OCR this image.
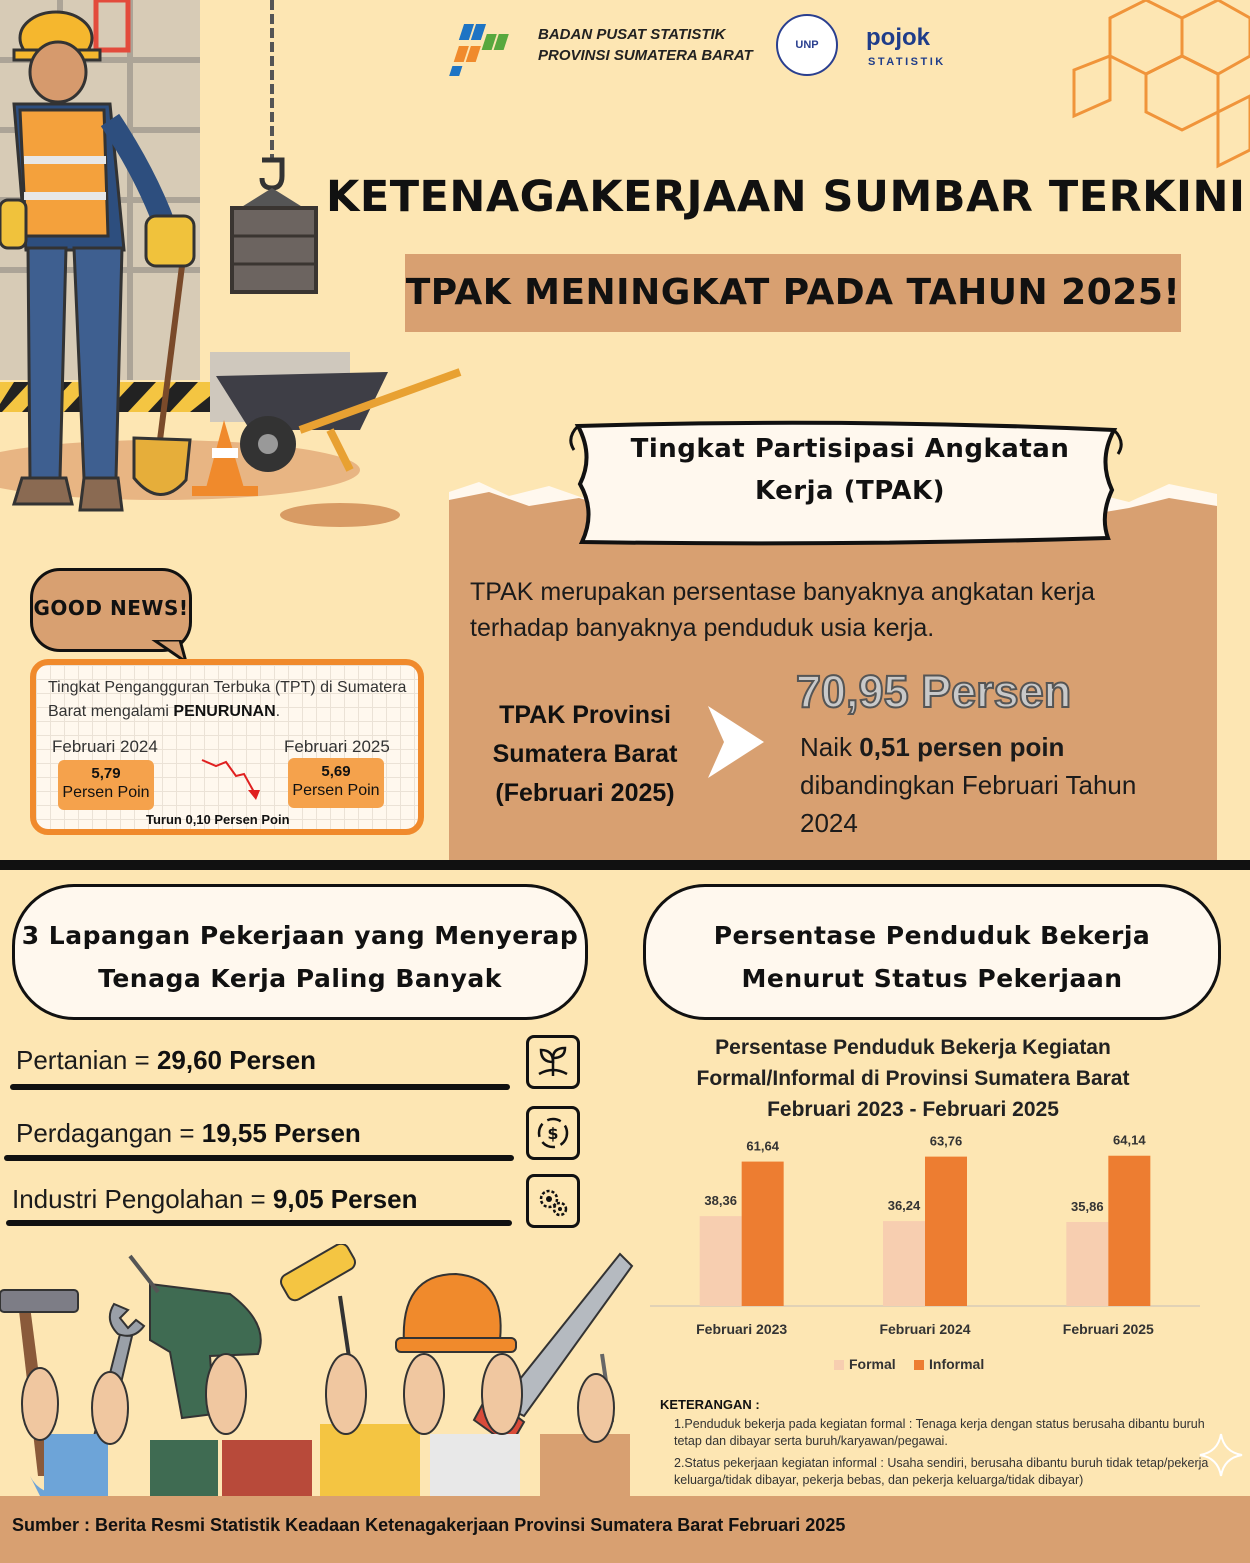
BADAN PUSAT STATISTIK
PROVINSI SUMATERA BARAT
UNP pojok
STATISTIK
KETENAGAKERJAAN SUMBAR TERKINI
TPAK MENINGKAT PADA TAHUN 2025!
Tingkat Partisipasi Angkatan
Kerja (TPAK)

TPAK merupakan persentase banyaknya angkatan kerja terhadap banyaknya penduduk usia kerja.

TPAK Provinsi
Sumatera Barat
(Februari 2025)
70,95 Persen
Naik 0,51 persen poin
dibandingkan Februari Tahun 2024
GOOD NEWS!

Tingkat Pengangguran Terbuka (TPT) di Sumatera Barat mengalami PENURUNAN.

Februari 2024	Februari 2025
5,79
Persen Poin
5,69
Persen Poin
Turun 0,10 Persen Poin
3 Lapangan Pekerjaan yang Menyerap
Tenaga Kerja Paling Banyak
Persentase Penduduk Bekerja
Menurut Status Pekerjaan
Pertanian = 29,60 Persen
Perdagangan = 19,55 Persen	$
Industri Pengolahan = 9,05 Persen
Persentase Penduduk Bekerja Kegiatan
Formal/Informal di Provinsi Sumatera Barat
Februari 2023 - Februari 2025
38,36
61,64
Februari 2023
36,24
63,76
Februari 2024
35,86
64,14
Februari 2025
Formal	Informal
KETERANGAN :
1.Penduduk bekerja pada kegiatan formal : Tenaga kerja dengan status berusaha dibantu buruh tetap dan dibayar serta buruh/karyawan/pegawai.
2.Status pekerjaan kegiatan informal : Usaha sendiri, berusaha dibantu buruh tidak tetap/pekerja keluarga/tidak dibayar, pekerja bebas, dan pekerja keluarga/tidak dibayar)
Sumber : Berita Resmi Statistik Keadaan Ketenagakerjaan Provinsi Sumatera Barat Februari 2025
